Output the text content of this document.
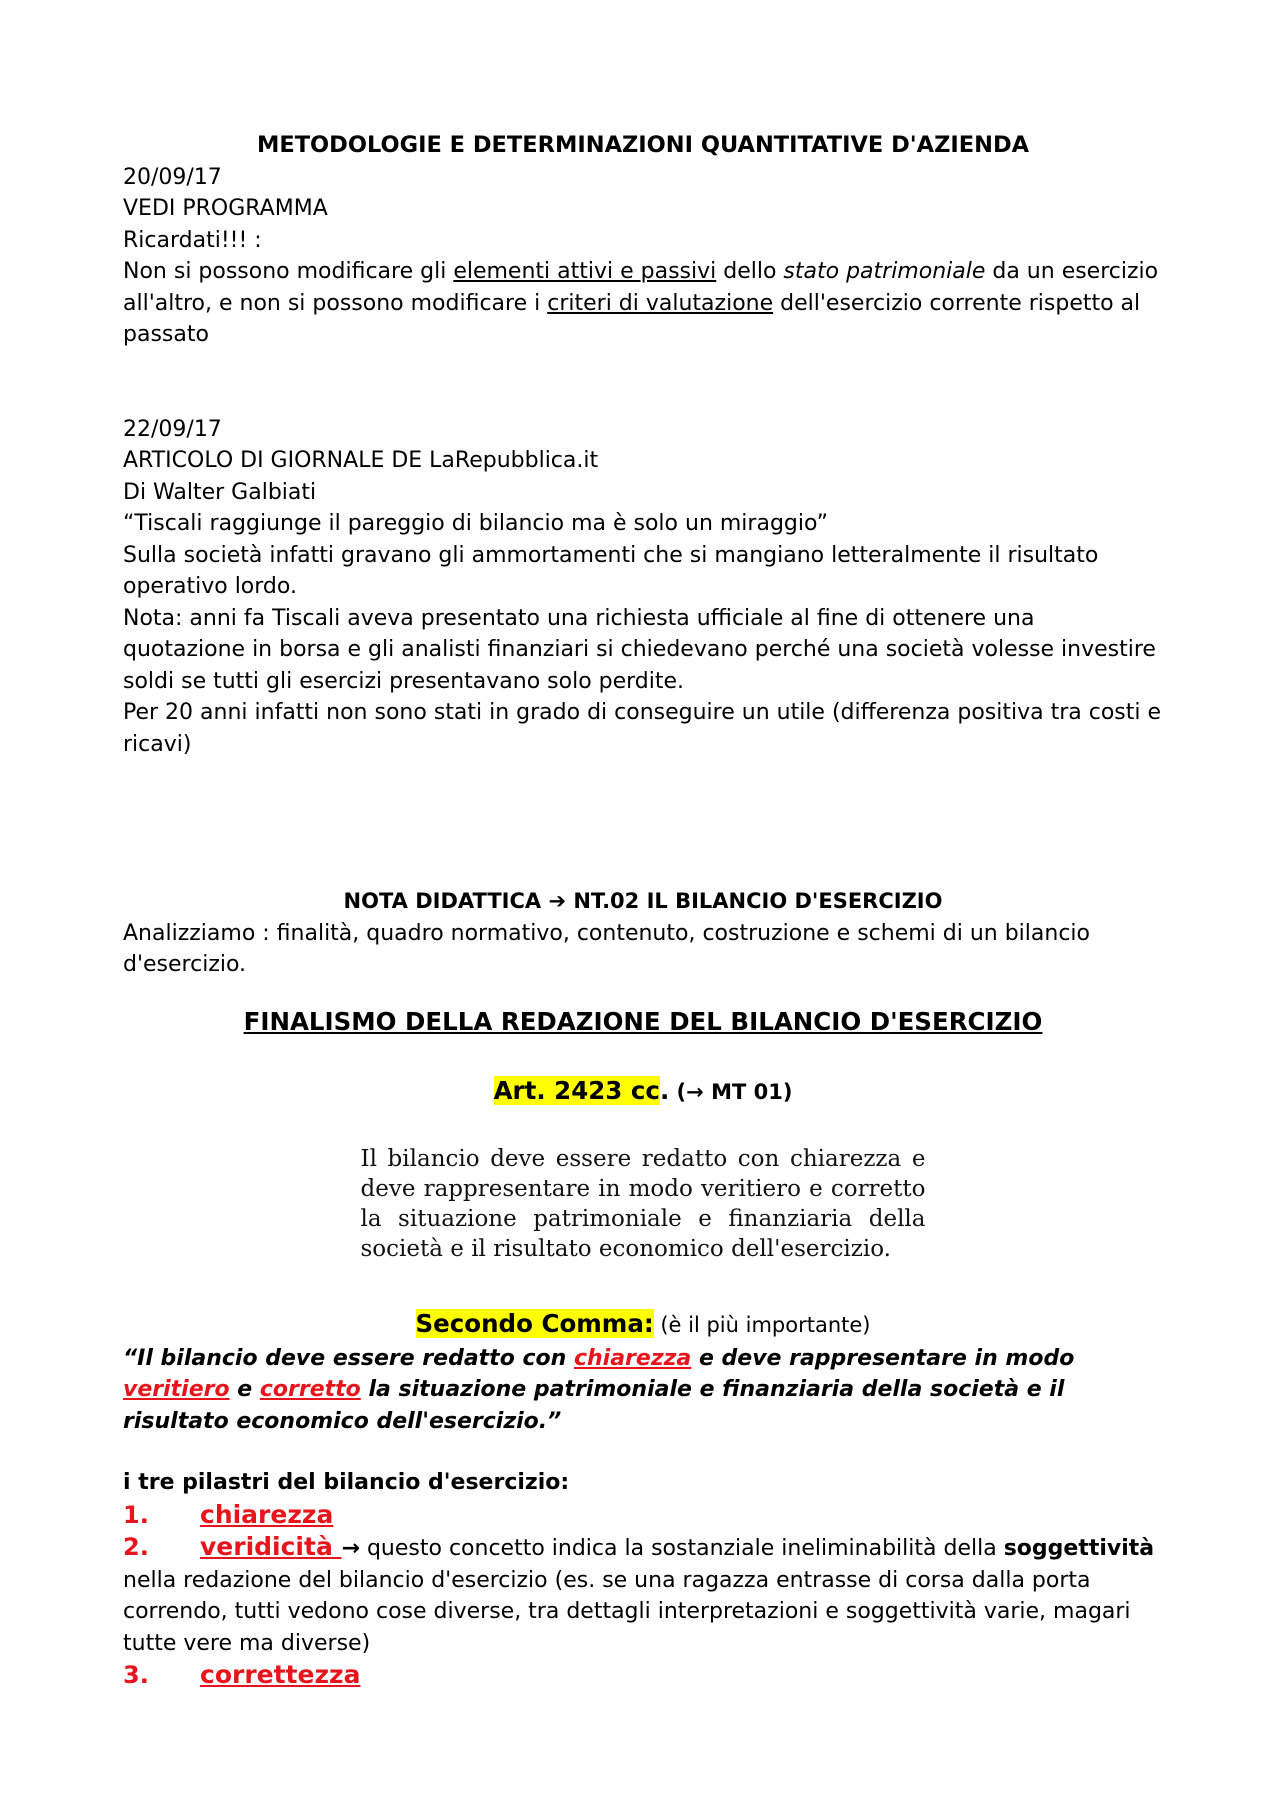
METODOLOGIE E DETERMINAZIONI QUANTITATIVE D'AZIENDA

20/09/17

VEDI PROGRAMMA

Ricardati!!! :

Non si possono modificare gli elementi attivi e passivi dello stato patrimoniale da un esercizio all'altro, e non si possono modificare i criteri di valutazione dell'esercizio corrente rispetto al passato

22/09/17

ARTICOLO DI GIORNALE DE LaRepubblica.it

Di Walter Galbiati

“Tiscali raggiunge il pareggio di bilancio ma è solo un miraggio”

Sulla società infatti gravano gli ammortamenti che si mangiano letteralmente il risultato operativo lordo.

Nota: anni fa Tiscali aveva presentato una richiesta ufficiale al fine di ottenere una quotazione in borsa e gli analisti finanziari si chiedevano perché una società volesse investire soldi se tutti gli esercizi presentavano solo perdite.

Per 20 anni infatti non sono stati in grado di conseguire un utile (differenza positiva tra costi e ricavi)

NOTA DIDATTICA ➔ NT.02 IL BILANCIO D'ESERCIZIO

Analizziamo : finalità, quadro normativo, contenuto, costruzione e schemi di un bilancio d'esercizio.

FINALISMO DELLA REDAZIONE DEL BILANCIO D'ESERCIZIO

Art. 2423 cc. (→ MT 01)

Il bilancio deve essere redatto con chiarezza e deve rappresentare in modo veritiero e corretto la situazione patrimoniale e finanziaria della società e il risultato economico dell'esercizio.

Secondo Comma: (è il più importante)

“Il bilancio deve essere redatto con chiarezza e deve rappresentare in modo veritiero e corretto la situazione patrimoniale e finanziaria della società e il risultato economico dell'esercizio.”

i tre pilastri del bilancio d'esercizio:

1.	chiarezza
2. veridicità → questo concetto indica la sostanziale ineliminabilità della soggettività nella redazione del bilancio d'esercizio (es. se una ragazza entrasse di corsa dalla porta correndo, tutti vedono cose diverse, tra dettagli interpretazioni e soggettività varie, magari tutte vere ma diverse)
3.	correttezza
